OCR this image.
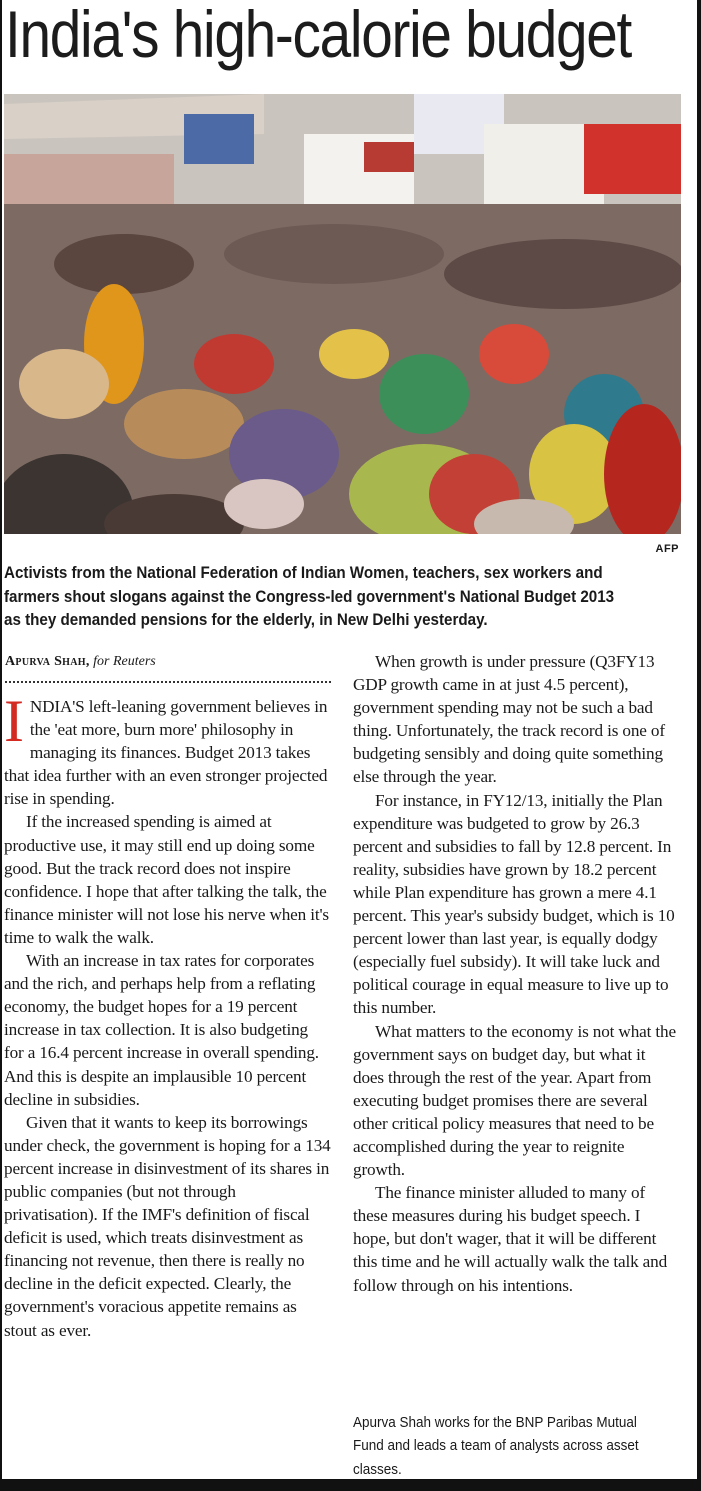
India's high-calorie budget
AFP

Activists from the National Federation of Indian Women, teachers, sex workers and farmers shout slogans against the Congress-led government's National Budget 2013 as they demanded pensions for the elderly, in New Delhi yesterday.

Apurva Shah, for Reuters

INDIA'S left-leaning government believes in the 'eat more, burn more' philosophy in managing its finances. Budget 2013 takes that idea further with an even stronger projected rise in spending.

If the increased spending is aimed at productive use, it may still end up doing some good. But the track record does not inspire confidence. I hope that after talking the talk, the finance minister will not lose his nerve when it's time to walk the walk.

With an increase in tax rates for corporates and the rich, and perhaps help from a reflating economy, the budget hopes for a 19 percent increase in tax collection. It is also budgeting for a 16.4 percent increase in overall spending. And this is despite an implausible 10 percent decline in subsidies.

Given that it wants to keep its borrowings under check, the government is hoping for a 134 percent increase in disinvestment of its shares in public companies (but not through privatisation). If the IMF's definition of fiscal deficit is used, which treats disinvestment as financing not revenue, then there is really no decline in the deficit expected. Clearly, the government's voracious appetite remains as stout as ever.

When growth is under pressure (Q3FY13 GDP growth came in at just 4.5 percent), government spending may not be such a bad thing. Unfortunately, the track record is one of budgeting sensibly and doing quite something else through the year.

For instance, in FY12/13, initially the Plan expenditure was budgeted to grow by 26.3 percent and subsidies to fall by 12.8 percent. In reality, subsidies have grown by 18.2 percent while Plan expenditure has grown a mere 4.1 percent. This year's subsidy budget, which is 10 percent lower than last year, is equally dodgy (especially fuel subsidy). It will take luck and political courage in equal measure to live up to this number.

What matters to the economy is not what the government says on budget day, but what it does through the rest of the year. Apart from executing budget promises there are several other critical policy measures that need to be accomplished during the year to reignite growth.

The finance minister alluded to many of these measures during his budget speech. I hope, but don't wager, that it will be different this time and he will actually walk the talk and follow through on his intentions.

Apurva Shah works for the BNP Paribas Mutual Fund and leads a team of analysts across asset classes.
